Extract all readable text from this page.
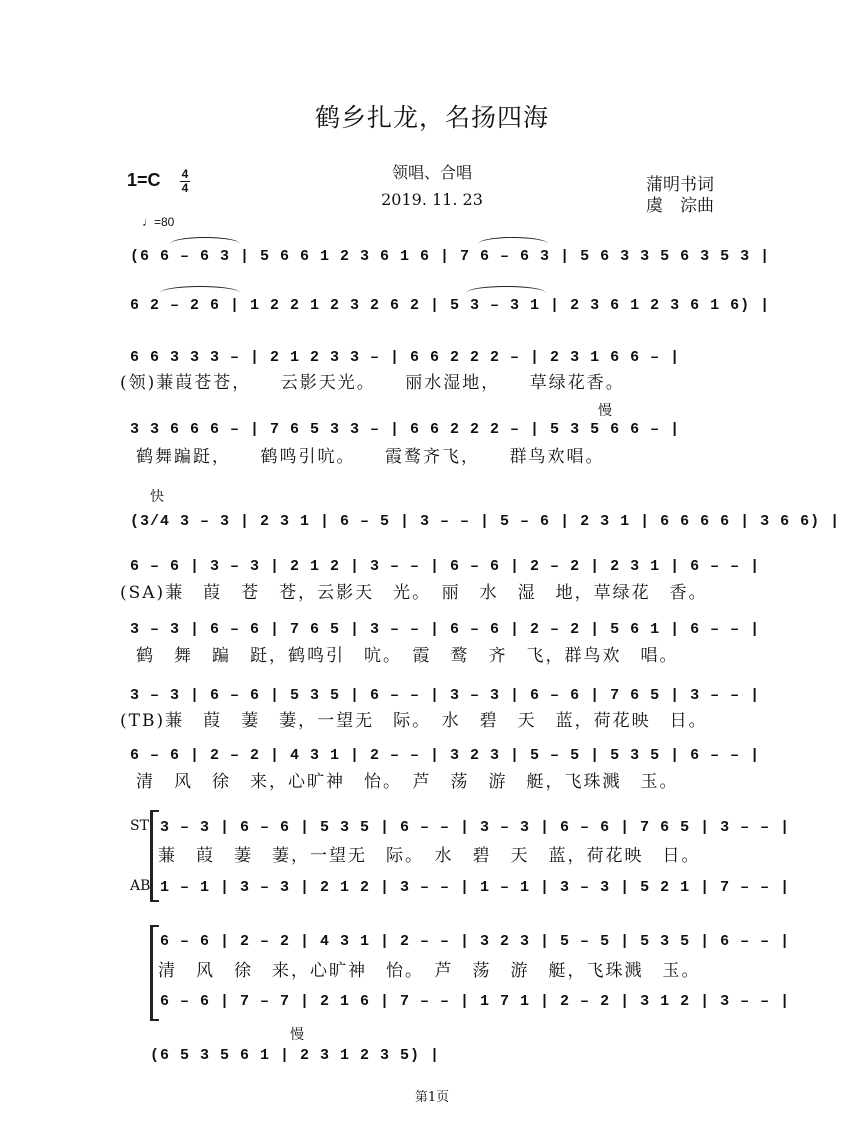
鹤乡扎龙，名扬四海
1=C 4
4
领唱、合唱
2019. 11. 23
蒲明书词
虞　淙曲
♩=80
慢
快
慢
(6 6 – 6 3 | 5 6 6 1 2 3 6 1 6 | 7 6 – 6 3 | 5 6 3 3 5 6 3 5 3 |
6 2 – 2 6 | 1 2 2 1 2 3 2 6 2 | 5 3 – 3 1 | 2 3 6 1 2 3 6 1 6) |
6 6 3 3 3 – | 2 1 2 3 3 – | 6 6 2 2 2 – | 2 3 1 6 6 – |
(领)蒹葭苍苍，　　云影天光。　　丽水湿地，　　草绿花香。
3 3 6 6 6 – | 7 6 5 3 3 – | 6 6 2 2 2 – | 5 3 5 6 6 – |
鹤舞蹁跹，　　鹤鸣引吭。　　霞鹜齐飞，　　群鸟欢唱。
(3/4 3 – 3 | 2 3 1 | 6 – 5 | 3 – – | 5 – 6 | 2 3 1 | 6 6 6 6 | 3 6 6) |
6 – 6 | 3 – 3 | 2 1 2 | 3 – – | 6 – 6 | 2 – 2 | 2 3 1 | 6 – – |
(SA)蒹　葭　苍　苍，云影天　光。　丽　水　湿　地，草绿花　香。
3 – 3 | 6 – 6 | 7 6 5 | 3 – – | 6 – 6 | 2 – 2 | 5 6 1 | 6 – – |
鹤　舞　蹁　跹，鹤鸣引　吭。　霞　鹜　齐　飞，群鸟欢　唱。
3 – 3 | 6 – 6 | 5 3 5 | 6 – – | 3 – 3 | 6 – 6 | 7 6 5 | 3 – – |
(TB)蒹　葭　萋　萋，一望无　际。　水　碧　天　蓝，荷花映　日。
6 – 6 | 2 – 2 | 4 3 1 | 2 – – | 3 2 3 | 5 – 5 | 5 3 5 | 6 – – |
清　风　徐　来，心旷神　怡。　芦　荡　游　艇，飞珠溅　玉。
ST
AB
3 – 3 | 6 – 6 | 5 3 5 | 6 – – | 3 – 3 | 6 – 6 | 7 6 5 | 3 – – |
蒹　葭　萋　萋，一望无　际。　水　碧　天　蓝，荷花映　日。
1 – 1 | 3 – 3 | 2 1 2 | 3 – – | 1 – 1 | 3 – 3 | 5 2 1 | 7 – – |
6 – 6 | 2 – 2 | 4 3 1 | 2 – – | 3 2 3 | 5 – 5 | 5 3 5 | 6 – – |
清　风　徐　来，心旷神　怡。　芦　荡　游　艇，飞珠溅　玉。
6 – 6 | 7 – 7 | 2 1 6 | 7 – – | 1 7 1 | 2 – 2 | 3 1 2 | 3 – – |
(6 5 3 5 6 1 | 2 3 1 2 3 5) |
第1页
